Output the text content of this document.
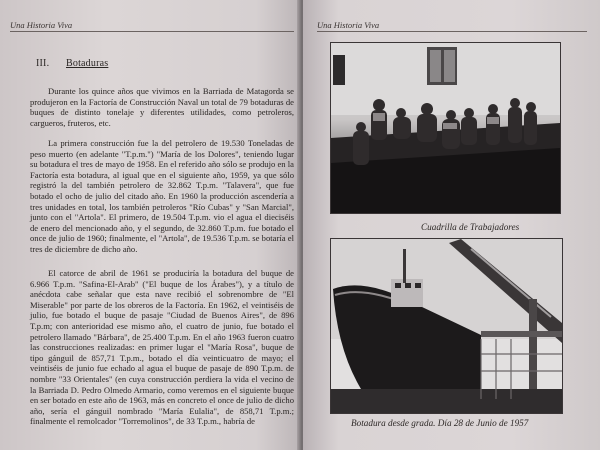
Una Historia Viva
III. Botaduras

Durante los quince años que vivimos en la Barriada de Matagorda se produjeron en la Factoría de Construcción Naval un total de 79 botaduras de buques de distinto tonelaje y diferentes utilidades, como petroleros, cargueros, fruteros, etc.

La primera construcción fue la del petrolero de 19.530 Toneladas de peso muerto (en adelante "T.p.m.") "María de los Dolores", teniendo lugar su botadura el tres de mayo de 1958. En el referido año sólo se produjo en la Factoría esta botadura, al igual que en el siguiente año, 1959, ya que sólo registró la del también petrolero de 32.862 T.p.m. "Talavera", que fue botado el ocho de julio del citado año. En 1960 la producción ascendería a tres unidades en total, los también petroleros "Río Cubas" y "San Marcial", junto con el "Artola". El primero, de 19.504 T.p.m. vio el agua el dieciséis de enero del mencionado año, y el segundo, de 32.860 T.p.m. fue botado el once de julio de 1960; finalmente, el "Artola", de 19.536 T.p.m. se botaría el tres de diciembre de dicho año.

El catorce de abril de 1961 se produciría la botadura del buque de 6.966 T.p.m. "Safina-El-Arab" ("El buque de los Árabes"), y a título de anécdota cabe señalar que esta nave recibió el sobrenombre de "El Miserable" por parte de los obreros de la Factoría. En 1962, el veintiséis de julio, fue botado el buque de pasaje "Ciudad de Buenos Aires", de 896 T.p.m; con anterioridad ese mismo año, el cuatro de junio, fue botado el petrolero llamado "Bárbara", de 25.400 T.p.m. En el año 1963 fueron cuatro las construcciones realizadas: en primer lugar el "María Rosa", buque de tipo gánguil de 857,71 T.p.m., botado el día veinticuatro de mayo; el veintiséis de junio fue echado al agua el buque de pasaje de 890 T.p.m. de nombre "33 Orientales" (en cuya construcción perdiera la vida el vecino de la Barriada D. Pedro Olmedo Armario, como veremos en el siguiente buque en ser botado en este año de 1963, más en concreto el once de julio de dicho año, sería el gánguil nombrado "María Eulalia", de 858,71 T.p.m.; finalmente el remolcador "Torremolinos", de 33 T.p.m., habría de

Una Historia Viva
Cuadrilla de Trabajadores
Botadura desde grada. Día 28 de Junio de 1957
